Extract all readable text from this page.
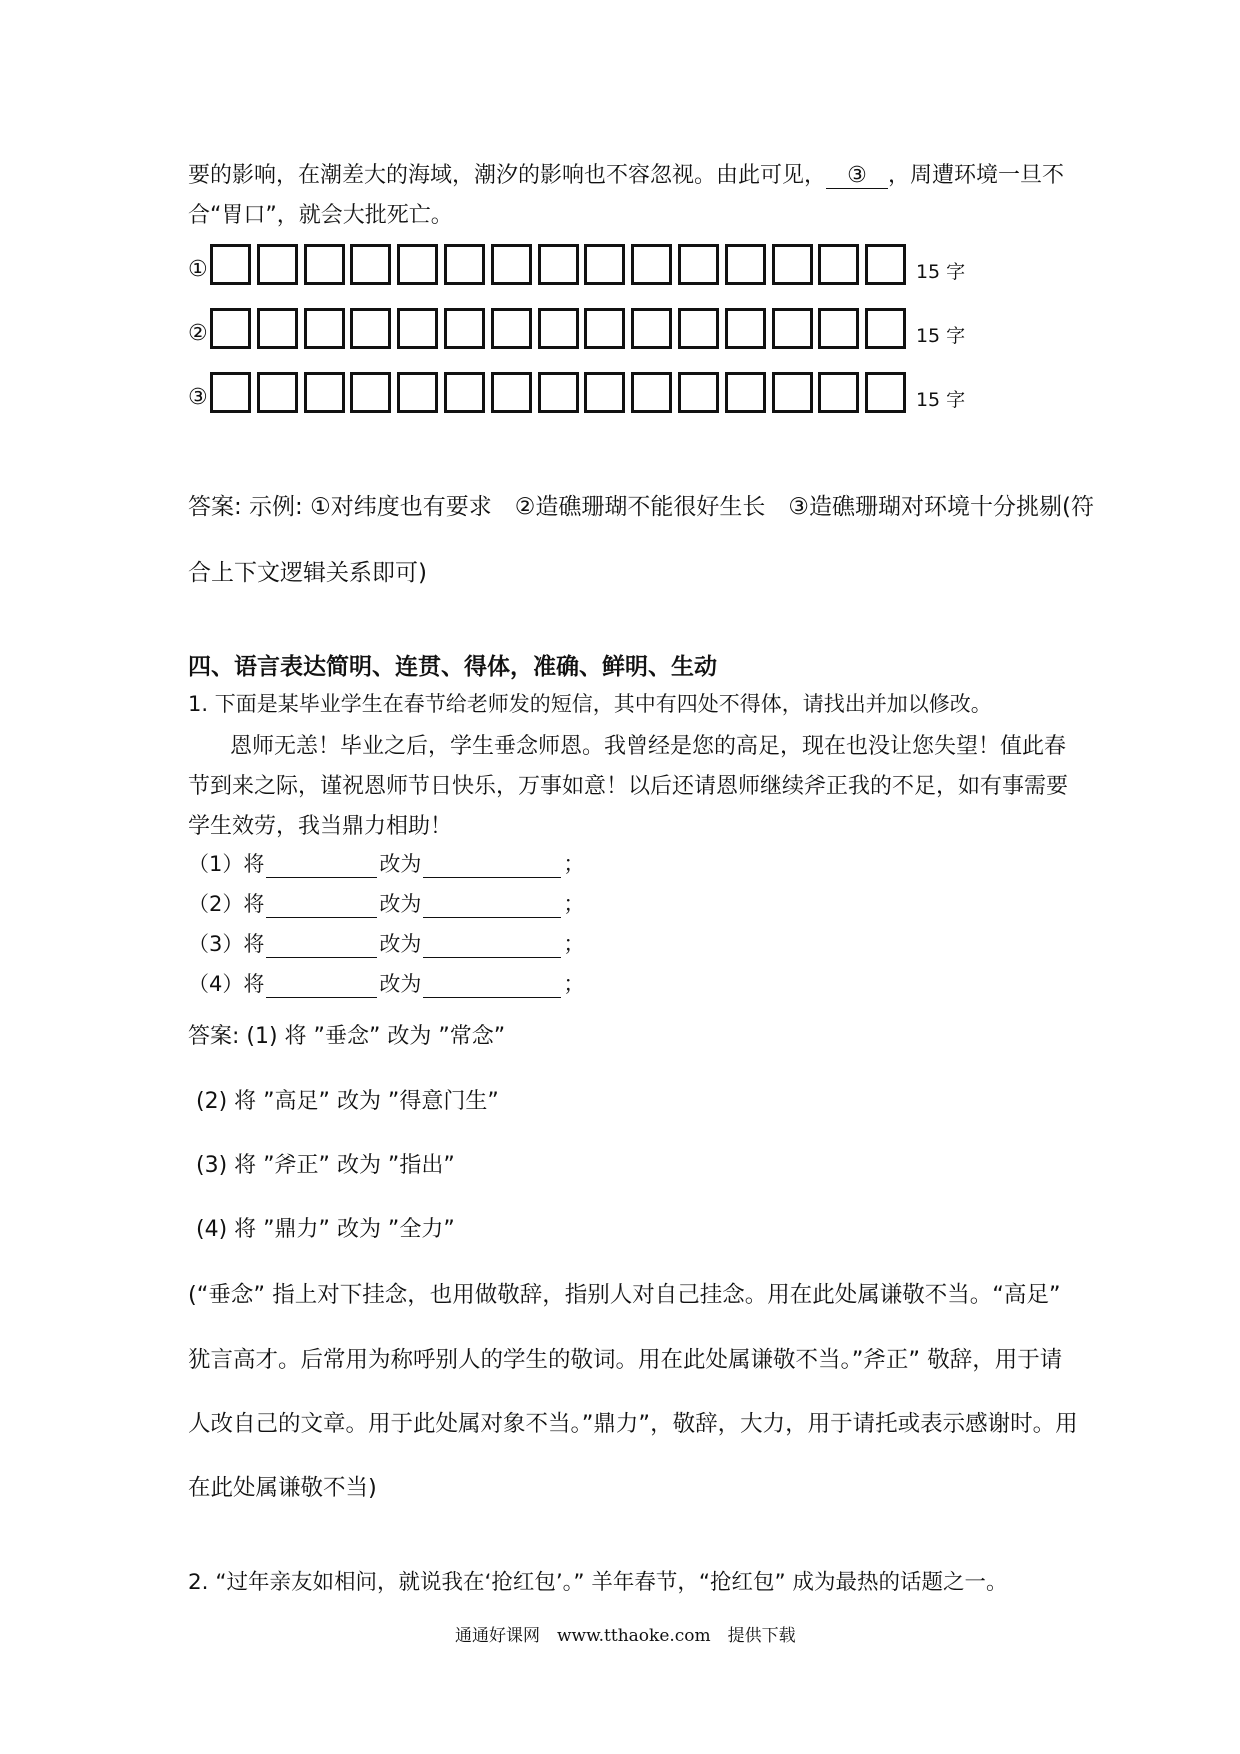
要的影响，在潮差大的海域，潮汐的影响也不容忽视。由此可见， ③ ，周遭环境一旦不
合“胃口”，就会大批死亡。
①	15 字
②	15 字
③	15 字
答案: 示例: ①对纬度也有要求　②造礁珊瑚不能很好生长　③造礁珊瑚对环境十分挑剔(符
合上下文逻辑关系即可)
四、语言表达简明、连贯、得体，准确、鲜明、生动
1. 下面是某毕业学生在春节给老师发的短信，其中有四处不得体，请找出并加以修改。
恩师无恙！毕业之后，学生垂念师恩。我曾经是您的高足，现在也没让您失望！值此春
节到来之际，谨祝恩师节日快乐，万事如意！以后还请恩师继续斧正我的不足，如有事需要
学生效劳，我当鼎力相助！
（1）将	改为	；
（2）将	改为	；
（3）将	改为	；
（4）将	改为	；
答案: (1) 将 ”垂念” 改为 ”常念”
(2) 将 ”高足” 改为 ”得意门生”
(3) 将 ”斧正” 改为 ”指出”
(4) 将 ”鼎力” 改为 ”全力”
(“垂念” 指上对下挂念，也用做敬辞，指别人对自己挂念。用在此处属谦敬不当。“高足”
犹言高才。后常用为称呼别人的学生的敬词。用在此处属谦敬不当。”斧正” 敬辞，用于请
人改自己的文章。用于此处属对象不当。”鼎力”，敬辞，大力，用于请托或表示感谢时。用
在此处属谦敬不当)
2. “过年亲友如相问，就说我在‘抢红包’。” 羊年春节，“抢红包” 成为最热的话题之一。
通通好课网　www.tthaoke.com　提供下载
